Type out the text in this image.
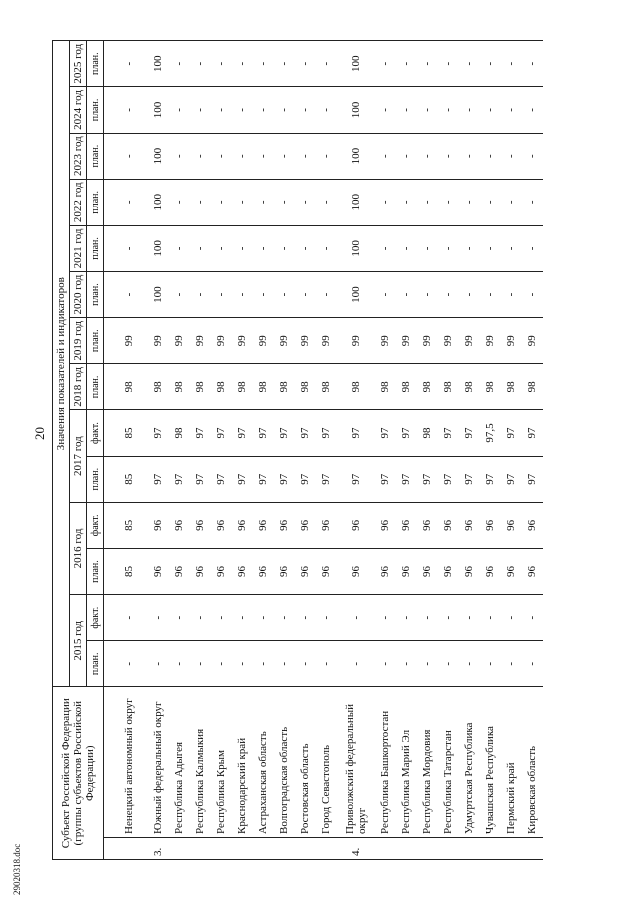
20
29020318.doc
Субъект Российской Федерации (группы субъектов Российской Федерации)		Значения показателей и индикаторов													
		2015 год		2016 год		2017 год		2018 год	2019 год	2020 год	2021 год	2022 год	2023 год	2024 год	2025 год
		план.	факт.	план.	факт.	план.	факт.	план.	план.	план.	план.	план.	план.	план.	план.

	Ненецкий автономный округ	-	-	85	85	85	85	98	99	-	-	-	-	-	-
3.	Южный федеральный округ	-	-	96	96	97	97	98	99	100	100	100	100	100	100
	Республика Адыгея	-	-	96	96	97	98	98	99	-	-	-	-	-	-
	Республика Калмыкия	-	-	96	96	97	97	98	99	-	-	-	-	-	-
	Республика Крым	-	-	96	96	97	97	98	99	-	-	-	-	-	-
	Краснодарский край	-	-	96	96	97	97	98	99	-	-	-	-	-	-
	Астраханская область	-	-	96	96	97	97	98	99	-	-	-	-	-	-
	Волгоградская область	-	-	96	96	97	97	98	99	-	-	-	-	-	-
	Ростовская область	-	-	96	96	97	97	98	99	-	-	-	-	-	-
	Город Севастополь	-	-	96	96	97	97	98	99	-	-	-	-	-	-
4.	Приволжский федеральный округ	-	-	96	96	97	97	98	99	100	100	100	100	100	100
	Республика Башкортостан	-	-	96	96	97	97	98	99	-	-	-	-	-	-
	Республика Марий Эл	-	-	96	96	97	97	98	99	-	-	-	-	-	-
	Республика Мордовия	-	-	96	96	97	98	98	99	-	-	-	-	-	-
	Республика Татарстан	-	-	96	96	97	97	98	99	-	-	-	-	-	-
	Удмуртская Республика	-	-	96	96	97	97	98	99	-	-	-	-	-	-
	Чувашская Республика	-	-	96	96	97	97,5	98	99	-	-	-	-	-	-
	Пермский край	-	-	96	96	97	97	98	99	-	-	-	-	-	-
	Кировская область	-	-	96	96	97	97	98	99	-	-	-	-	-	-
